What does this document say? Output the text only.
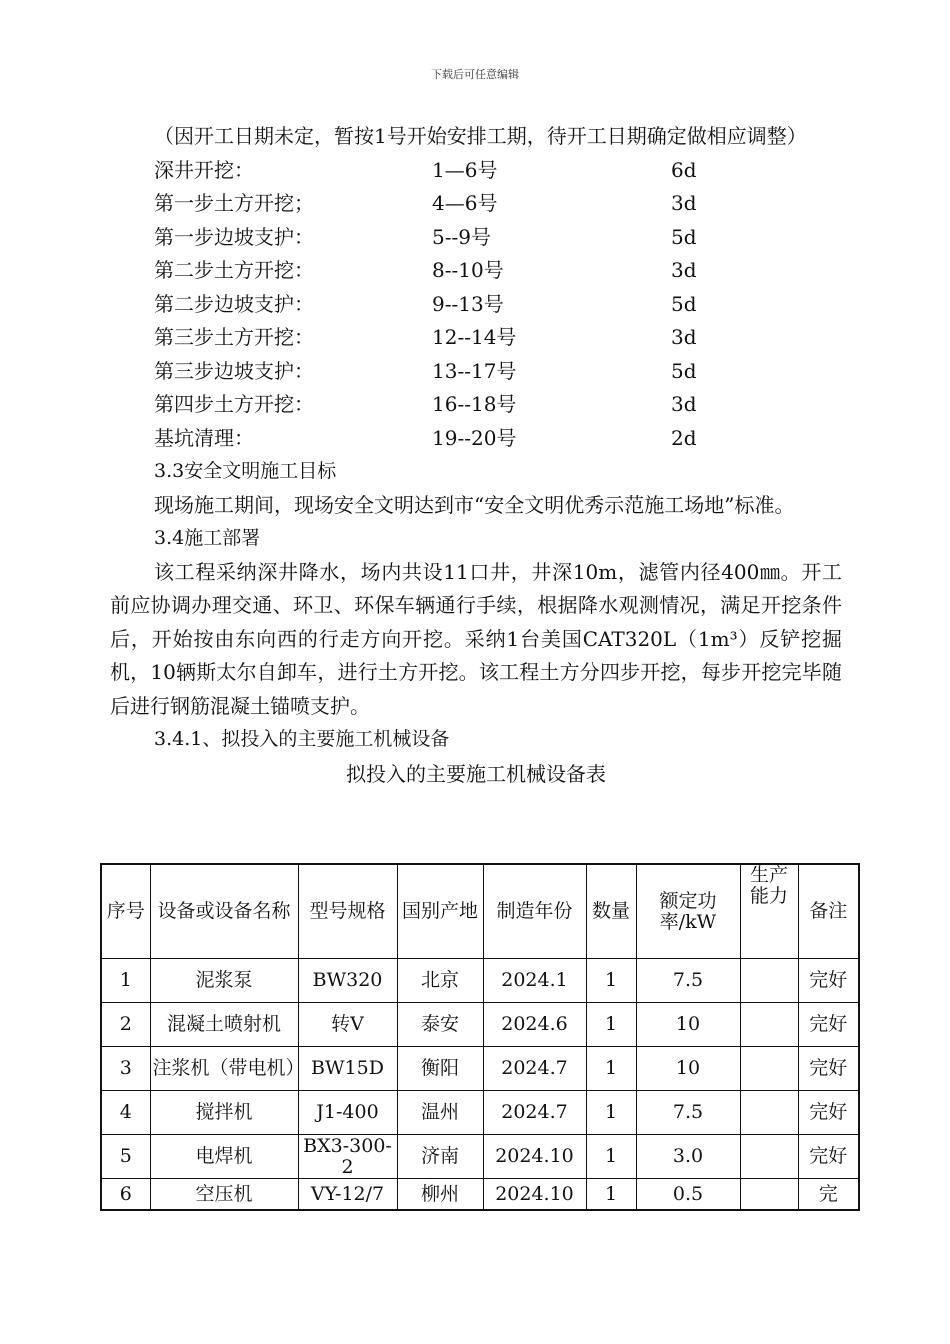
下载后可任意编辑

（因开工日期未定，暂按1号开始安排工期，待开工日期确定做相应调整）

深井开挖：	1—6号	6d
第一步土方开挖；	4—6号	3d
第一步边坡支护：	5--9号	5d
第二步土方开挖：	8--10号	3d
第二步边坡支护：	9--13号	5d
第三步土方开挖：	12--14号	3d
第三步边坡支护：	13--17号	5d
第四步土方开挖：	16--18号	3d
基坑清理：	19--20号	2d

3.3安全文明施工目标

现场施工期间，现场安全文明达到市“安全文明优秀示范施工场地”标准。

3.4施工部署

该工程采纳深井降水，场内共设11口井，井深10m，滤管内径400㎜。开工前应协调办理交通、环卫、环保车辆通行手续，根据降水观测情况，满足开挖条件后，开始按由东向西的行走方向开挖。采纳1台美国CAT320L（1m³）反铲挖掘机，10辆斯太尔自卸车，进行土方开挖。该工程土方分四步开挖，每步开挖完毕随后进行钢筋混凝土锚喷支护。

3.4.1、拟投入的主要施工机械设备

拟投入的主要施工机械设备表

序号	设备或设备名称	型号规格	国别产地	制造年份	数量	额定功率/kW	生产能力	备注
1	泥浆泵	BW320	北京	2024.1	1	7.5		完好
2	混凝土喷射机	转Ⅴ	泰安	2024.6	1	10		完好
3	注浆机（带电机）	BW15D	衡阳	2024.7	1	10		完好
4	搅拌机	J1-400	温州	2024.7	1	7.5		完好
5	电焊机	BX3-300-2	济南	2024.10	1	3.0		完好
6	空压机	VY-12/7	柳州	2024.10	1	0.5		完
